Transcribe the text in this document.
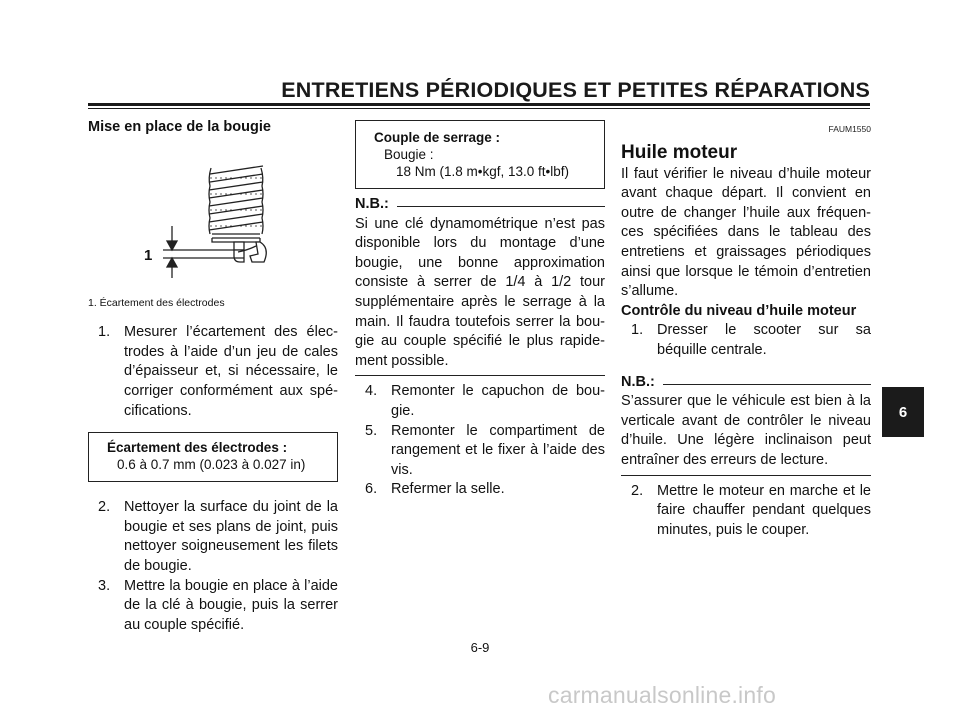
ENTRETIENS PÉRIODIQUES ET PETITES RÉPARATIONS
Mise en place de la bougie
1
1. Écartement des électrodes
1. Mesurer l’écartement des élec-trodes à l’aide d’un jeu de cales d’épaisseur et, si nécessaire, le corriger conformément aux spé-cifications.
Écartement des électrodes :
0.6 à 0.7 mm (0.023 à 0.027 in)
2. Nettoyer la surface du joint de la bougie et ses plans de joint, puis nettoyer soigneusement les filets de bougie.
3. Mettre la bougie en place à l’aide de la clé à bougie, puis la serrer au couple spécifié.
Couple de serrage :
Bougie :
18 Nm (1.8 m•kgf, 13.0 ft•lbf)
N.B.:
Si une clé dynamométrique n’est pas disponible lors du montage d’une bougie, une bonne approximation consiste à serrer de 1/4 à 1/2 tour supplémentaire après le serrage à la main. Il faudra toutefois serrer la bou-gie au couple spécifié le plus rapide-ment possible.
4. Remonter le capuchon de bou-gie.
5. Remonter le compartiment de rangement et le fixer à l’aide des vis.
6. Refermer la selle.
FAUM1550
Huile moteur
Il faut vérifier le niveau d’huile moteur avant chaque départ. Il convient en outre de changer l’huile aux fréquen-ces spécifiées dans le tableau des entretiens et graissages périodiques ainsi que lorsque le témoin d’entretien s’allume.
Contrôle du niveau d’huile moteur
1. Dresser le scooter sur sa béquille centrale.
N.B.:
S’assurer que le véhicule est bien à la verticale avant de contrôler le niveau d’huile. Une légère inclinaison peut entraîner des erreurs de lecture.
2. Mettre le moteur en marche et le faire chauffer pendant quelques minutes, puis le couper.
6
6-9
carmanualsonline.info
